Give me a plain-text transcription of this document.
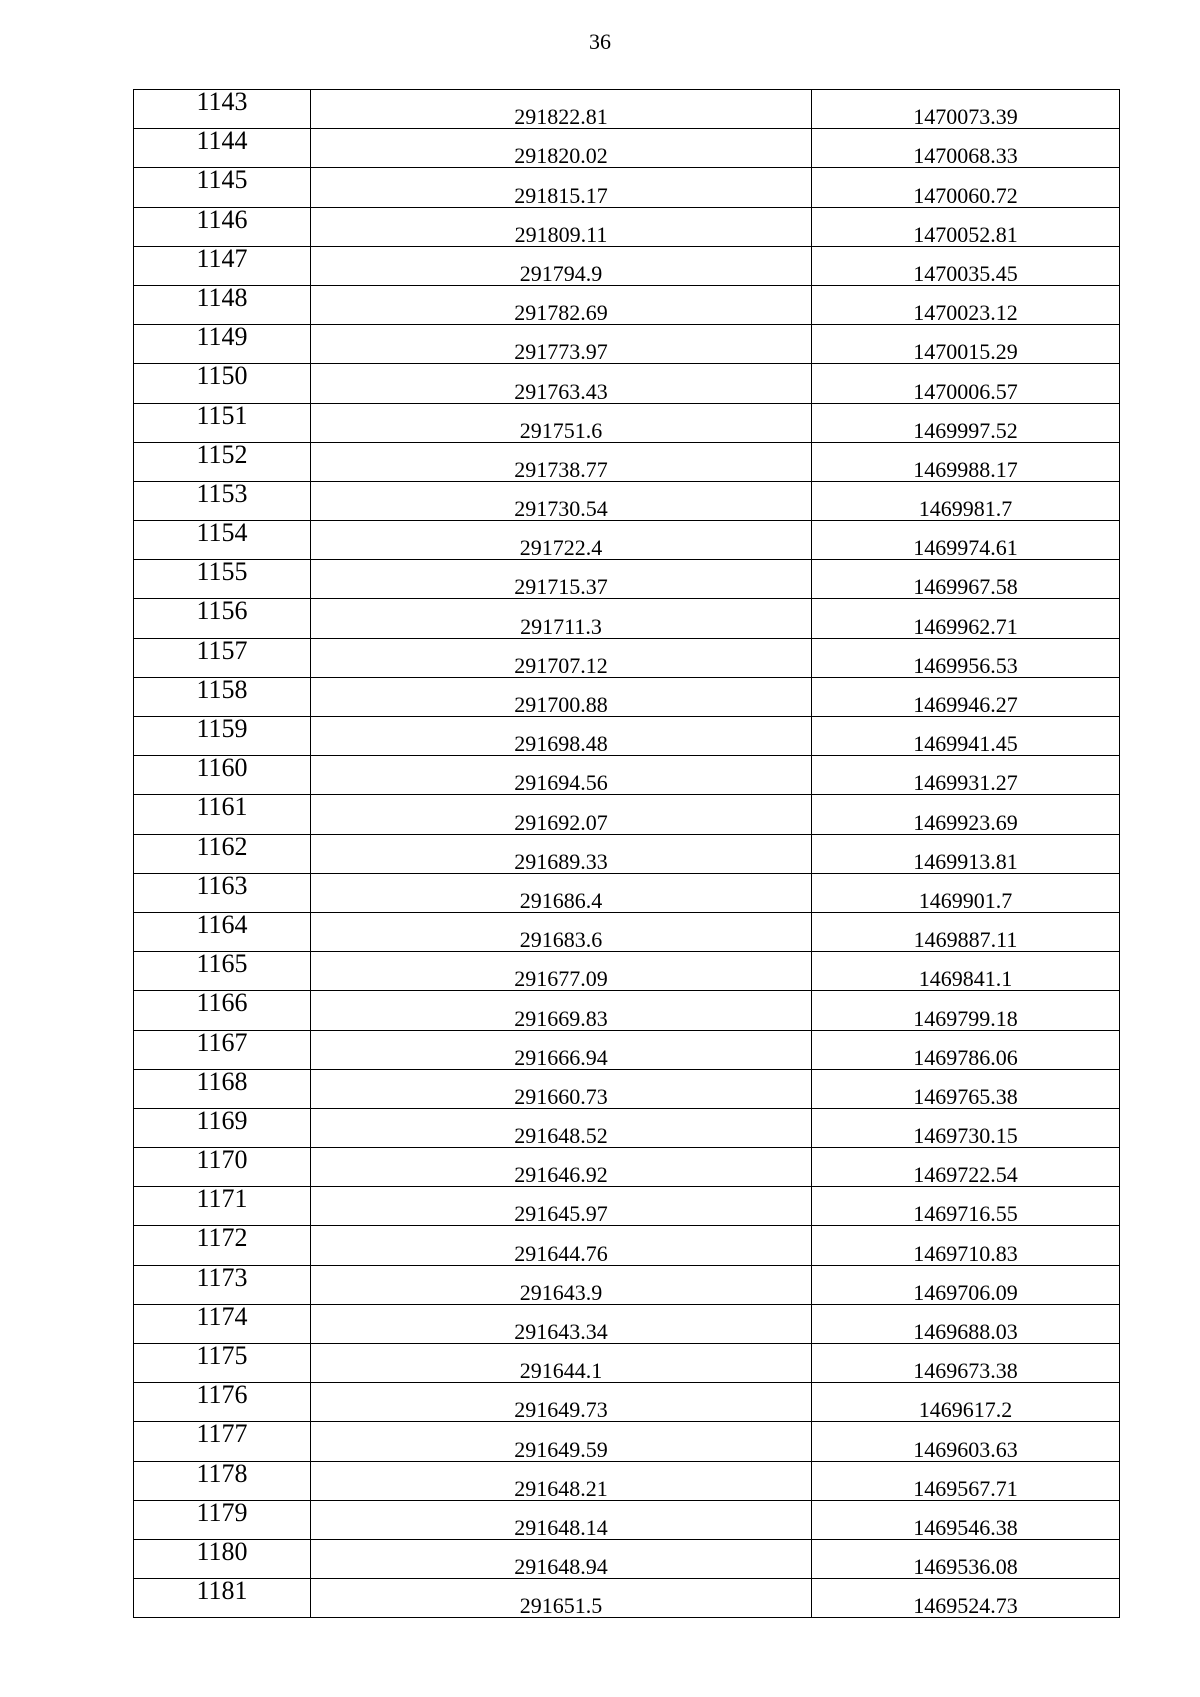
36
1143	291822.81	1470073.39
1144	291820.02	1470068.33
1145	291815.17	1470060.72
1146	291809.11	1470052.81
1147	291794.9	1470035.45
1148	291782.69	1470023.12
1149	291773.97	1470015.29
1150	291763.43	1470006.57
1151	291751.6	1469997.52
1152	291738.77	1469988.17
1153	291730.54	1469981.7
1154	291722.4	1469974.61
1155	291715.37	1469967.58
1156	291711.3	1469962.71
1157	291707.12	1469956.53
1158	291700.88	1469946.27
1159	291698.48	1469941.45
1160	291694.56	1469931.27
1161	291692.07	1469923.69
1162	291689.33	1469913.81
1163	291686.4	1469901.7
1164	291683.6	1469887.11
1165	291677.09	1469841.1
1166	291669.83	1469799.18
1167	291666.94	1469786.06
1168	291660.73	1469765.38
1169	291648.52	1469730.15
1170	291646.92	1469722.54
1171	291645.97	1469716.55
1172	291644.76	1469710.83
1173	291643.9	1469706.09
1174	291643.34	1469688.03
1175	291644.1	1469673.38
1176	291649.73	1469617.2
1177	291649.59	1469603.63
1178	291648.21	1469567.71
1179	291648.14	1469546.38
1180	291648.94	1469536.08
1181	291651.5	1469524.73
